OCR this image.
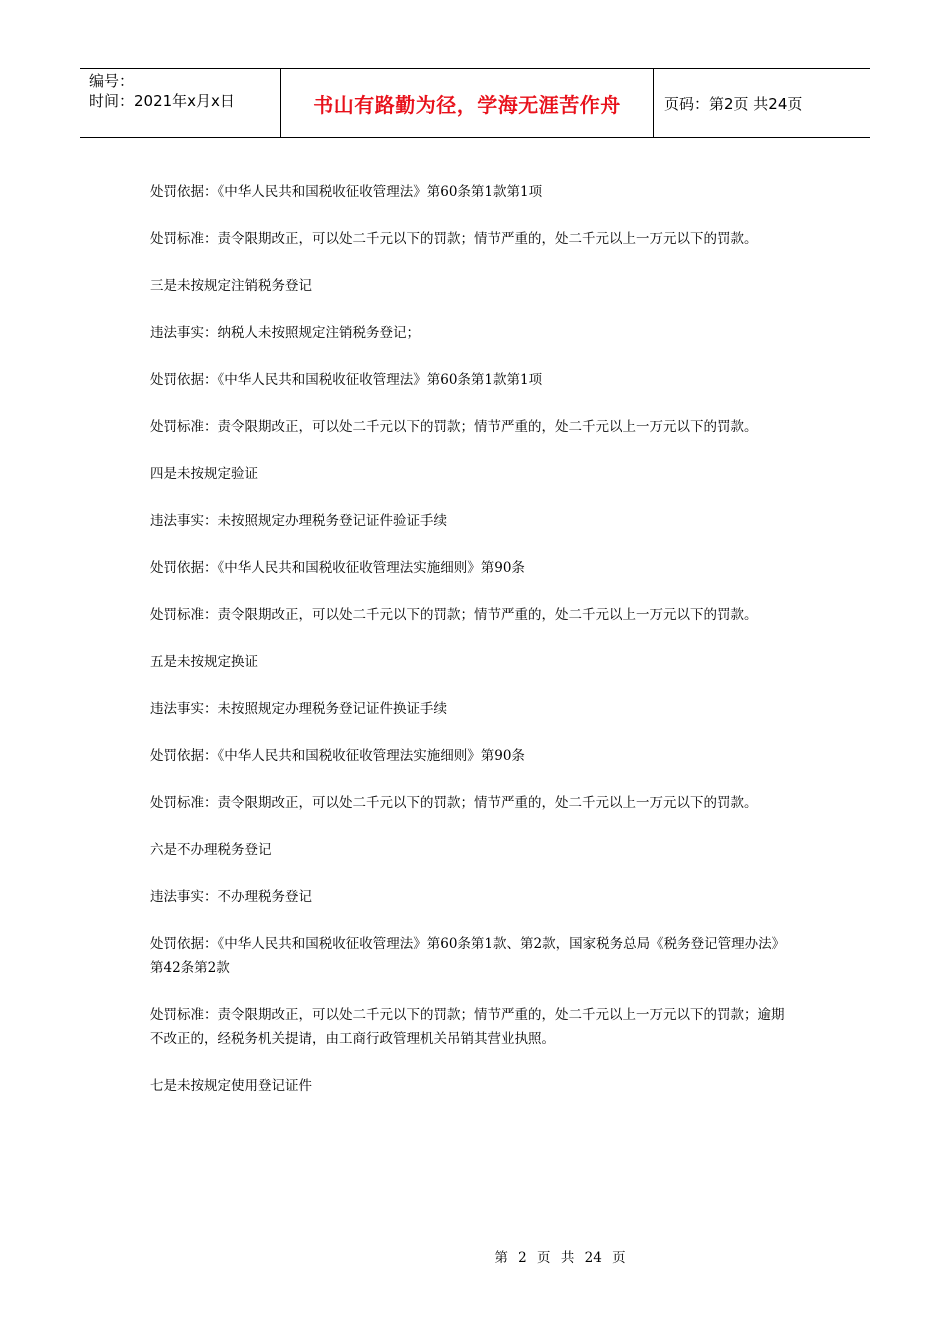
编号：
时间：2021年x月x日	书山有路勤为径，学海无涯苦作舟	页码：第2页 共24页

处罚依据：《中华人民共和国税收征收管理法》第60条第1款第1项

处罚标准：责令限期改正，可以处二千元以下的罚款；情节严重的，处二千元以上一万元以下的罚款。

三是未按规定注销税务登记

违法事实：纳税人未按照规定注销税务登记；

处罚依据：《中华人民共和国税收征收管理法》第60条第1款第1项

处罚标准：责令限期改正，可以处二千元以下的罚款；情节严重的，处二千元以上一万元以下的罚款。

四是未按规定验证

违法事实：未按照规定办理税务登记证件验证手续

处罚依据：《中华人民共和国税收征收管理法实施细则》第90条

处罚标准：责令限期改正，可以处二千元以下的罚款；情节严重的，处二千元以上一万元以下的罚款。

五是未按规定换证

违法事实：未按照规定办理税务登记证件换证手续

处罚依据：《中华人民共和国税收征收管理法实施细则》第90条

处罚标准：责令限期改正，可以处二千元以下的罚款；情节严重的，处二千元以上一万元以下的罚款。

六是不办理税务登记

违法事实：不办理税务登记

处罚依据：《中华人民共和国税收征收管理法》第60条第1款、第2款，国家税务总局《税务登记管理办法》第42条第2款

处罚标准：责令限期改正，可以处二千元以下的罚款；情节严重的，处二千元以上一万元以下的罚款；逾期不改正的，经税务机关提请，由工商行政管理机关吊销其营业执照。

七是未按规定使用登记证件

第 2 页 共 24 页
